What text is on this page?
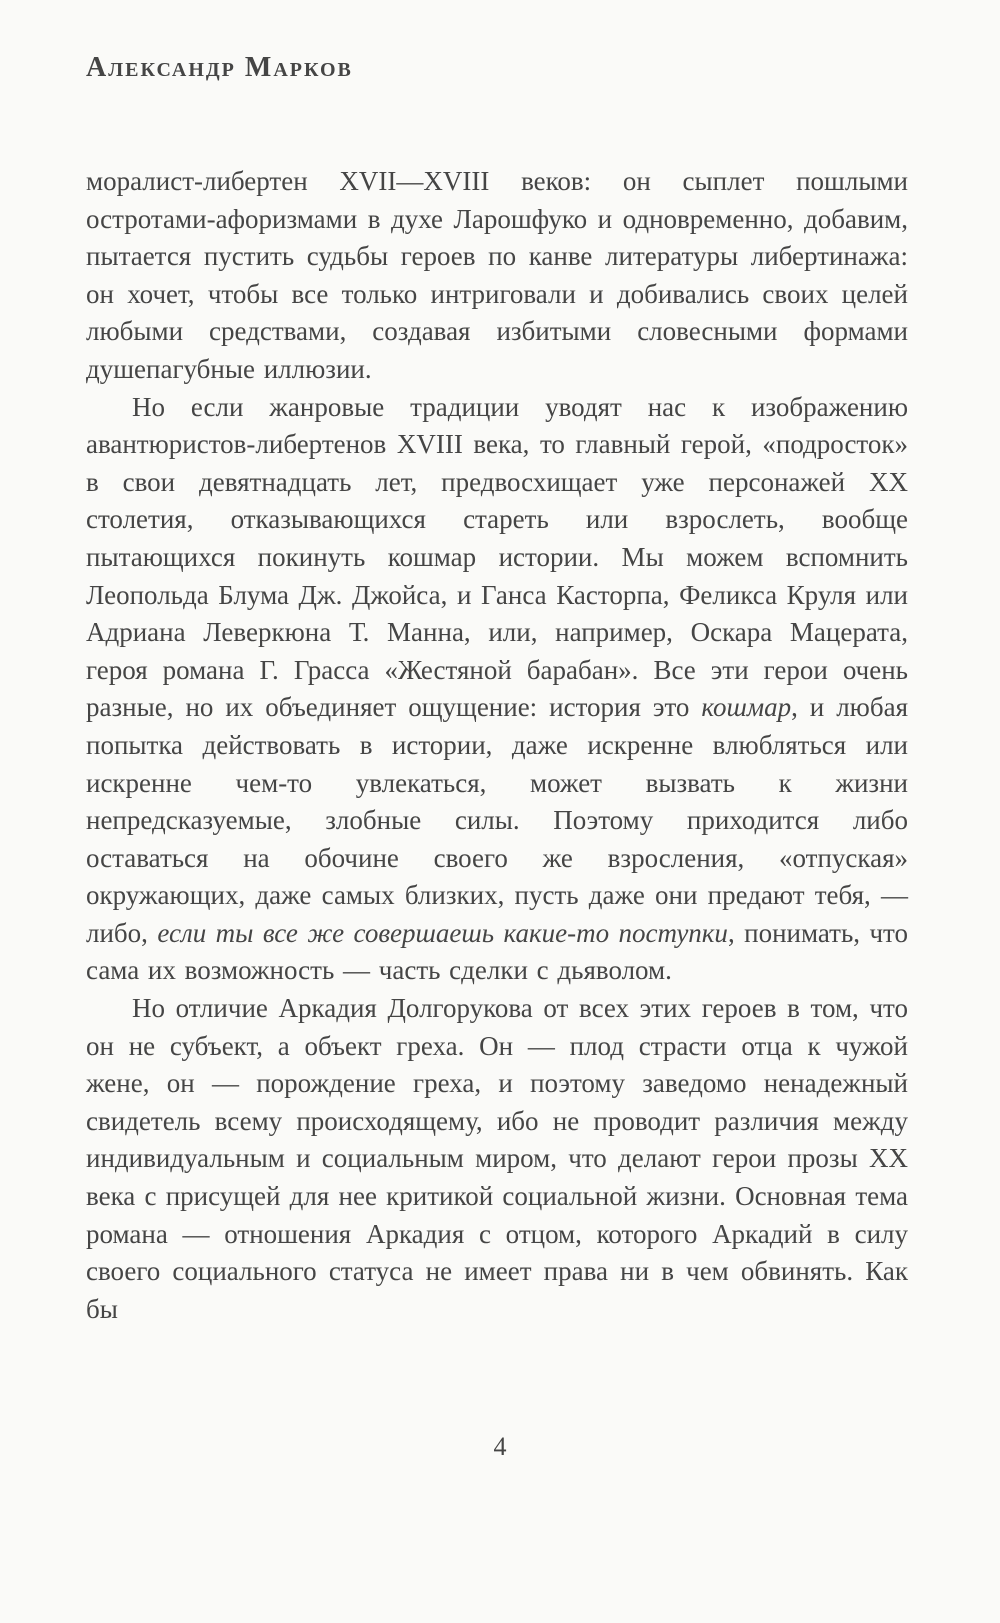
Александр Марков

моралист-либертен XVII—XVIII веков: он сыплет пошлыми остротами-афоризмами в духе Ларошфуко и одновременно, добавим, пытается пустить судьбы героев по канве литературы либертинажа: он хочет, чтобы все только интриговали и добивались своих целей любыми средствами, создавая избитыми словесными формами душепагубные иллюзии.

Но если жанровые традиции уводят нас к изображению авантюристов-либертенов XVIII века, то главный герой, «подросток» в свои девятнадцать лет, предвосхищает уже персонажей XX столетия, отказывающихся стареть или взрослеть, вообще пытающихся покинуть кошмар истории. Мы можем вспомнить Леопольда Блума Дж. Джойса, и Ганса Касторпа, Феликса Круля или Адриана Леверкюна Т. Манна, или, например, Оскара Мацерата, героя романа Г. Грасса «Жестяной барабан». Все эти герои очень разные, но их объединяет ощущение: история это кошмар, и любая попытка действовать в истории, даже искренне влюбляться или искренне чем-то увлекаться, может вызвать к жизни непредсказуемые, злобные силы. Поэтому приходится либо оставаться на обочине своего же взросления, «отпуская» окружающих, даже самых близких, пусть даже они предают тебя, — либо, если ты все же совершаешь какие-то поступки, понимать, что сама их возможность — часть сделки с дьяволом.

Но отличие Аркадия Долгорукова от всех этих героев в том, что он не субъект, а объект греха. Он — плод страсти отца к чужой жене, он — порождение греха, и поэтому заведомо ненадежный свидетель всему происходящему, ибо не проводит различия между индивидуальным и социальным миром, что делают герои прозы XX века с присущей для нее критикой социальной жизни. Основная тема романа — отношения Аркадия с отцом, которого Аркадий в силу своего социального статуса не имеет права ни в чем обвинять. Как бы

4
